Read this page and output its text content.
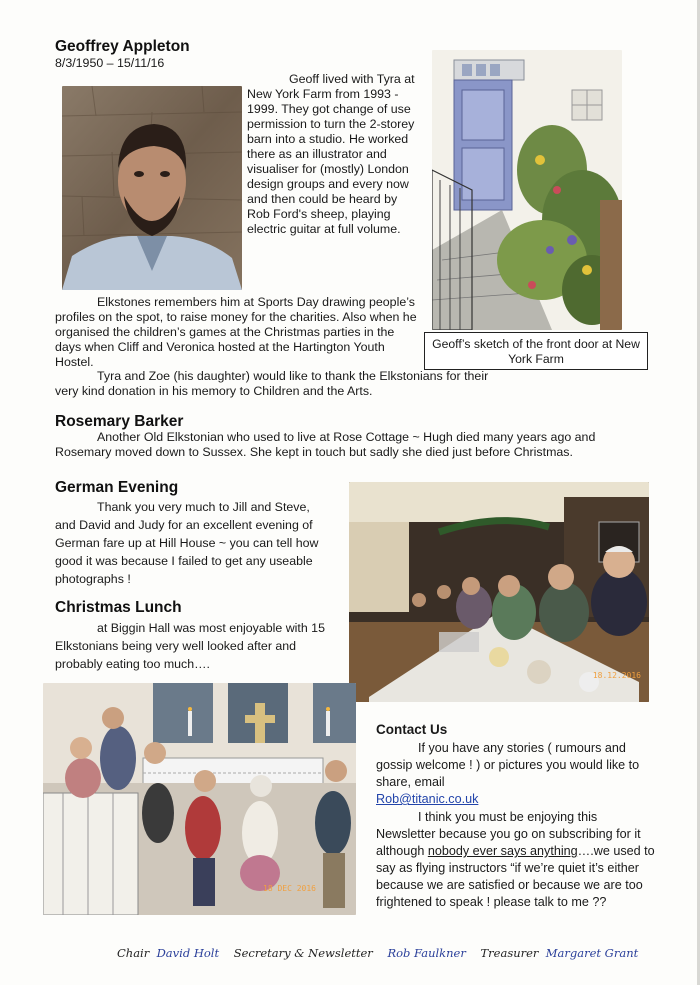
Geoffrey Appleton
8/3/1950 – 15/11/16

Geoff lived with Tyra at New York Farm from 1993 - 1999. They got change of use permission to turn the 2-storey barn into a studio. He worked there as an illustrator and visualiser for (mostly) London design groups and every now and then could be heard by Rob Ford's sheep, playing electric guitar at full volume.

Geoff’s sketch of the front door at New York Farm

Elkstones remembers him at Sports Day drawing people’s profiles on the spot, to raise money for the charities. Also when he organised the children’s games at the Christmas parties in the days when Cliff and Veronica hosted at the Hartington Youth Hostel.

Tyra and Zoe (his daughter) would like to thank the Elkstonians for their very kind donation in his memory to Children and the Arts.

Rosemary Barker

Another Old Elkstonian who used to live at Rose Cottage ~ Hugh died many years ago and Rosemary moved down to Sussex. She kept in touch but sadly she died just before Christmas.

German Evening

Thank you very much to Jill and Steve, and David and Judy for an excellent evening of German fare up at Hill House ~ you can tell how good it was because I failed to get any useable photographs !

Christmas Lunch

at Biggin Hall was most enjoyable with 15 Elkstonians being very well looked after and probably eating too much….

18.12.2016
18 DEC 2016
Contact Us

If you have any stories ( rumours and gossip welcome ! ) or pictures you would like to share, email

Rob@titanic.co.uk

I think you must be enjoying this Newsletter because you go on subscribing for it although nobody ever says anything….we used to say as flying instructors “if we’re quiet it’s either because we are satisfied or because we are too frightened to speak ! please talk to me ??

Chair David Holt Secretary & Newsletter Rob Faulkner Treasurer Margaret Grant
